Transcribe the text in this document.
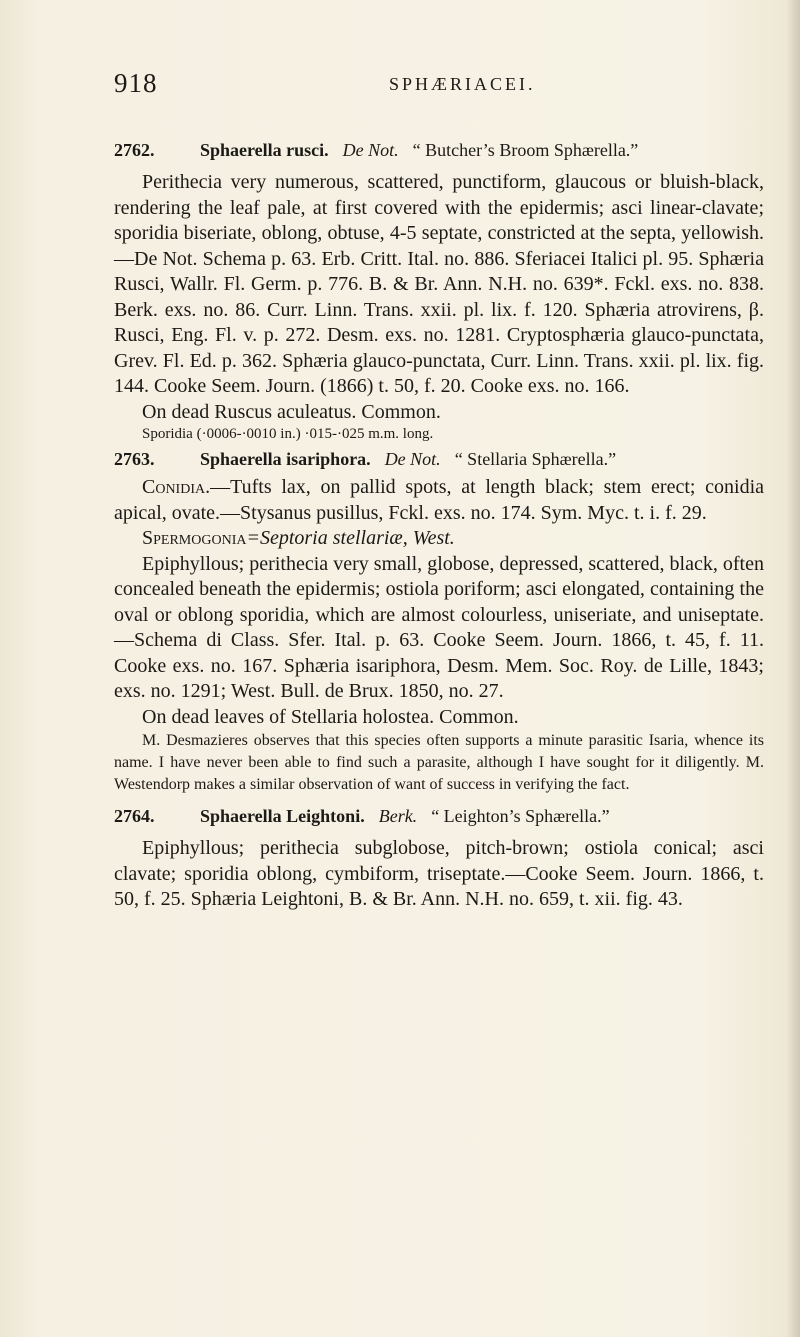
918	SPHÆRIACEI.
2762.	Sphaerella rusci. De Not. “ Butcher’s Broom Sphærella.”

Perithecia very numerous, scattered, punctiform, glaucous or bluish-black, rendering the leaf pale, at first covered with the epidermis; asci linear-clavate; sporidia biseriate, oblong, obtuse, 4-5 septate, constricted at the septa, yellowish.—De Not. Schema p. 63. Erb. Critt. Ital. no. 886. Sferiacei Italici pl. 95. Sphæria Rusci, Wallr. Fl. Germ. p. 776. B. & Br. Ann. N.H. no. 639*. Fckl. exs. no. 838. Berk. exs. no. 86. Curr. Linn. Trans. xxii. pl. lix. f. 120. Sphæria atrovirens, β. Rusci, Eng. Fl. v. p. 272. Desm. exs. no. 1281. Cryptosphæria glauco-punctata, Grev. Fl. Ed. p. 362. Sphæria glauco-punctata, Curr. Linn. Trans. xxii. pl. lix. fig. 144. Cooke Seem. Journ. (1866) t. 50, f. 20. Cooke exs. no. 166.

On dead Ruscus aculeatus. Common.

Sporidia (·0006-·0010 in.) ·015-·025 m.m. long.

2763.	Sphaerella isariphora. De Not. “ Stellaria Sphærella.”

Conidia.—Tufts lax, on pallid spots, at length black; stem erect; conidia apical, ovate.—Stysanus pusillus, Fckl. exs. no. 174. Sym. Myc. t. i. f. 29.

Spermogonia=Septoria stellariæ, West.

Epiphyllous; perithecia very small, globose, depressed, scattered, black, often concealed beneath the epidermis; ostiola poriform; asci elongated, containing the oval or oblong sporidia, which are almost colourless, uniseriate, and uniseptate.—Schema di Class. Sfer. Ital. p. 63. Cooke Seem. Journ. 1866, t. 45, f. 11. Cooke exs. no. 167. Sphæria isariphora, Desm. Mem. Soc. Roy. de Lille, 1843; exs. no. 1291; West. Bull. de Brux. 1850, no. 27.

On dead leaves of Stellaria holostea. Common.

M. Desmazieres observes that this species often supports a minute parasitic Isaria, whence its name. I have never been able to find such a parasite, although I have sought for it diligently. M. Westendorp makes a similar observation of want of success in verifying the fact.

2764.	Sphaerella Leightoni. Berk. “ Leighton’s Sphærella.”

Epiphyllous; perithecia subglobose, pitch-brown; ostiola conical; asci clavate; sporidia oblong, cymbiform, triseptate.—Cooke Seem. Journ. 1866, t. 50, f. 25. Sphæria Leightoni, B. & Br. Ann. N.H. no. 659, t. xii. fig. 43.
